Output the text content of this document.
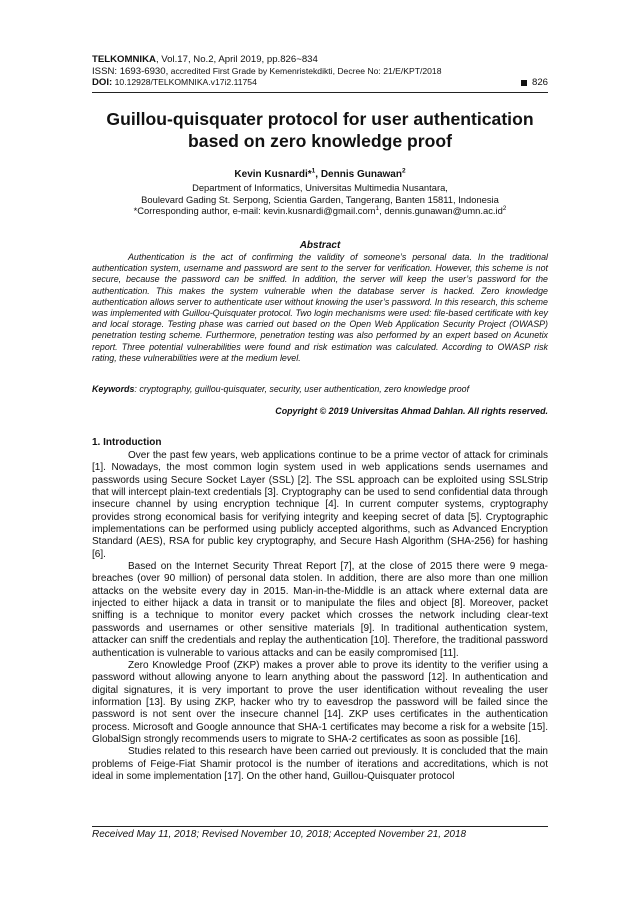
TELKOMNIKA, Vol.17, No.2, April 2019, pp.826~834
ISSN: 1693-6930, accredited First Grade by Kemenristekdikti, Decree No: 21/E/KPT/2018
DOI: 10.12928/TELKOMNIKA.v17i2.11754	826
Guillou-quisquater protocol for user authentication
based on zero knowledge proof
Kevin Kusnardi*$^1$, Dennis Gunawan$^2$
Department of Informatics, Universitas Multimedia Nusantara,
Boulevard Gading St. Serpong, Scientia Garden, Tangerang, Banten 15811, Indonesia
*Corresponding author, e-mail: kevin.kusnardi@gmail.com$^1$, $dennis.gunawan@umn.ac.id^2$
Abstract

Authentication is the act of confirming the validity of someone’s personal data. In the traditional authentication system, username and password are sent to the server for verification. However, this scheme is not secure, because the password can be sniffed. In addition, the server will keep the user’s password for the authentication. This makes the system vulnerable when the database server is hacked. Zero knowledge authentication allows server to authenticate user without knowing the user’s password. In this research, this scheme was implemented with Guillou-Quisquater protocol. Two login mechanisms were used: file-based certificate with key and local storage. Testing phase was carried out based on the Open Web Application Security Project (OWASP) penetration testing scheme. Furthermore, penetration testing was also performed by an expert based on Acunetix report. Three potential vulnerabilities were found and risk estimation was calculated. According to OWASP risk rating, these vulnerabilities were at the medium level.

Keywords: cryptography, guillou-quisquater, security, user authentication, zero knowledge proof
Copyright © 2019 Universitas Ahmad Dahlan. All rights reserved.
1. Introduction

Over the past few years, web applications continue to be a prime vector of attack for criminals [1]. Nowadays, the most common login system used in web applications sends usernames and passwords using Secure Socket Layer (SSL) [2]. The SSL approach can be exploited using SSLStrip that will intercept plain-text credentials [3]. Cryptography can be used to send confidential data through insecure channel by using encryption technique [4]. In current computer systems, cryptography provides strong economical basis for verifying integrity and keeping secret of data [5]. Cryptographic implementations can be performed using publicly accepted algorithms, such as Advanced Encryption Standard (AES), RSA for public key cryptography, and Secure Hash Algorithm (SHA-256) for hashing [6].

Based on the Internet Security Threat Report [7], at the close of 2015 there were 9 mega-breaches (over 90 million) of personal data stolen. In addition, there are also more than one million attacks on the website every day in 2015. Man-in-the-Middle is an attack where external data are injected to either hijack a data in transit or to manipulate the files and object [8]. Moreover, packet sniffing is a technique to monitor every packet which crosses the network including clear-text passwords and usernames or other sensitive materials [9]. In traditional authentication system, attacker can sniff the credentials and replay the authentication [10]. Therefore, the traditional password authentication is vulnerable to various attacks and can be easily compromised [11].

Zero Knowledge Proof (ZKP) makes a prover able to prove its identity to the verifier using a password without allowing anyone to learn anything about the password [12]. In authentication and digital signatures, it is very important to prove the user identification without revealing the user information [13]. By using ZKP, hacker who try to eavesdrop the password will be failed since the password is not sent over the insecure channel [14]. ZKP uses certificates in the authentication process. Microsoft and Google announce that SHA-1 certificates may become a risk for a website [15]. GlobalSign strongly recommends users to migrate to SHA-2 certificates as soon as possible [16].

Studies related to this research have been carried out previously. It is concluded that the main problems of Feige-Fiat Shamir protocol is the number of iterations and accreditations, which is not ideal in some implementation [17]. On the other hand, Guillou-Quisquater protocol

Received May 11, 2018; Revised November 10, 2018; Accepted November 21, 2018
